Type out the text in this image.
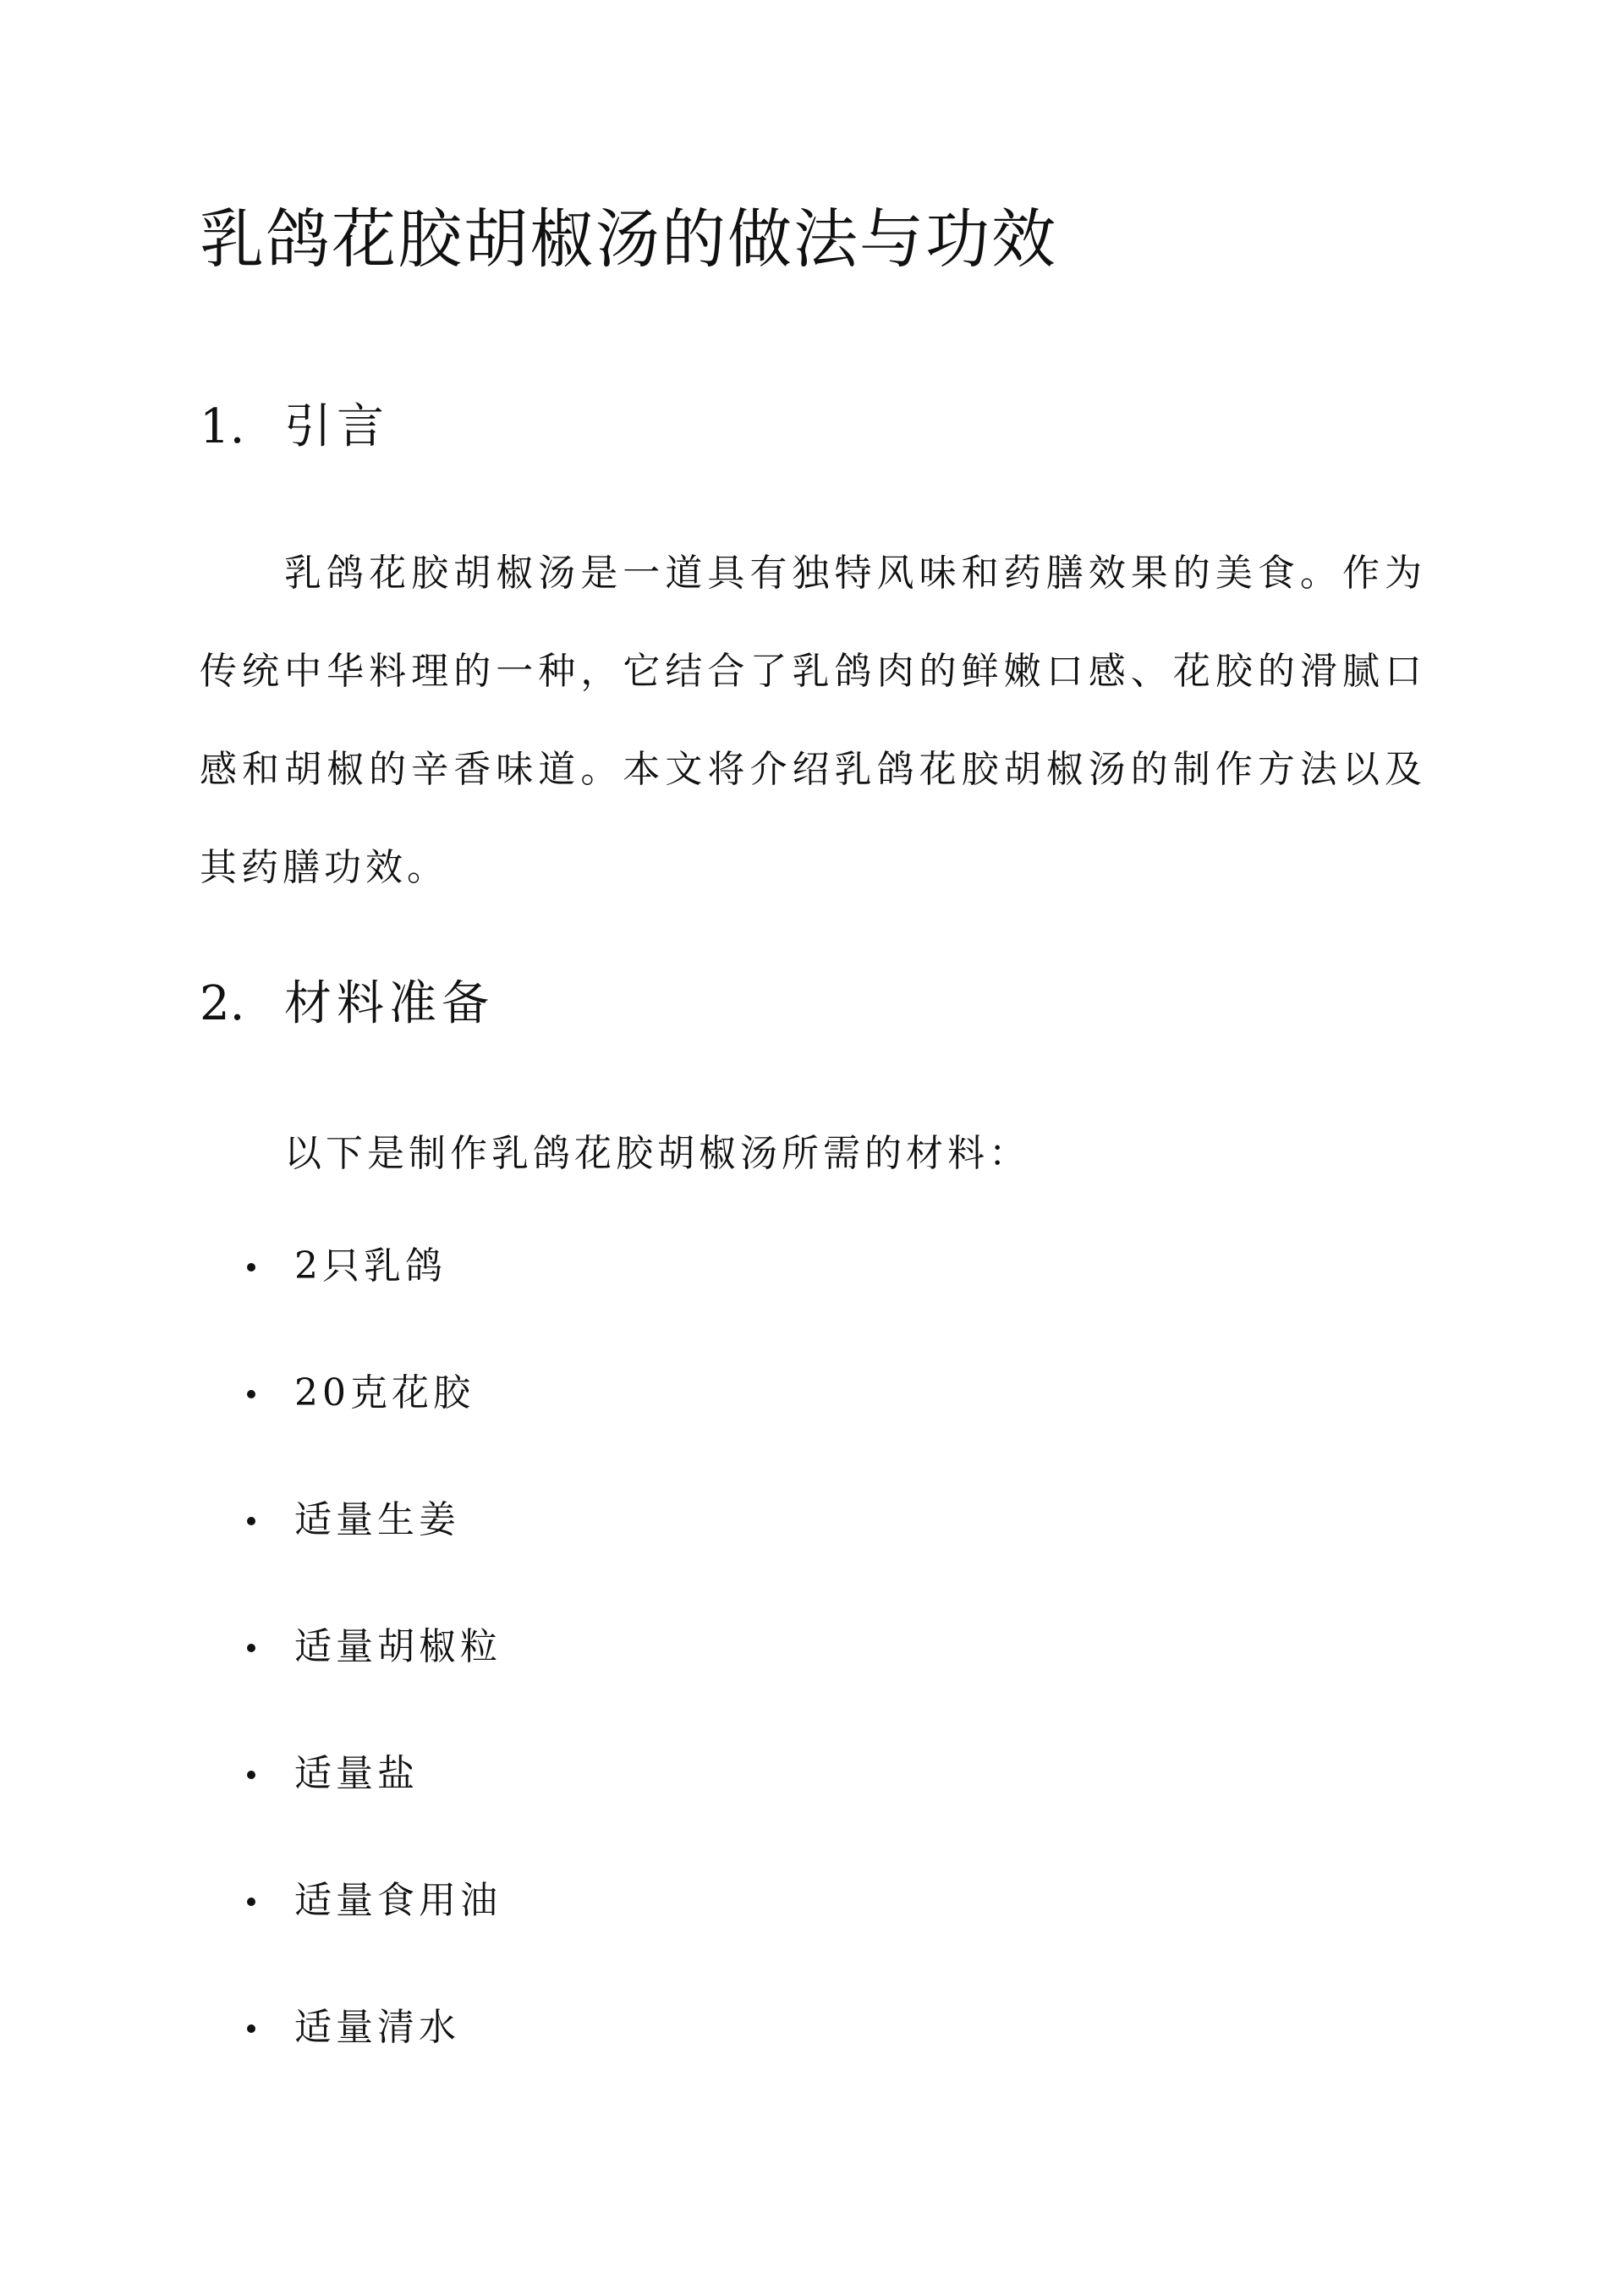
乳鸽花胶胡椒汤的做法与功效
1. 引言

乳鸽花胶胡椒汤是一道具有独特风味和药膳效果的美食。作为传统中华料理的一种，它结合了乳鸽肉的鲜嫩口感、花胶的滑腻口感和胡椒的辛香味道。本文将介绍乳鸽花胶胡椒汤的制作方法以及其药膳功效。

2. 材料准备

以下是制作乳鸽花胶胡椒汤所需的材料：

2只乳鸽
20克花胶
适量生姜
适量胡椒粒
适量盐
适量食用油
适量清水
